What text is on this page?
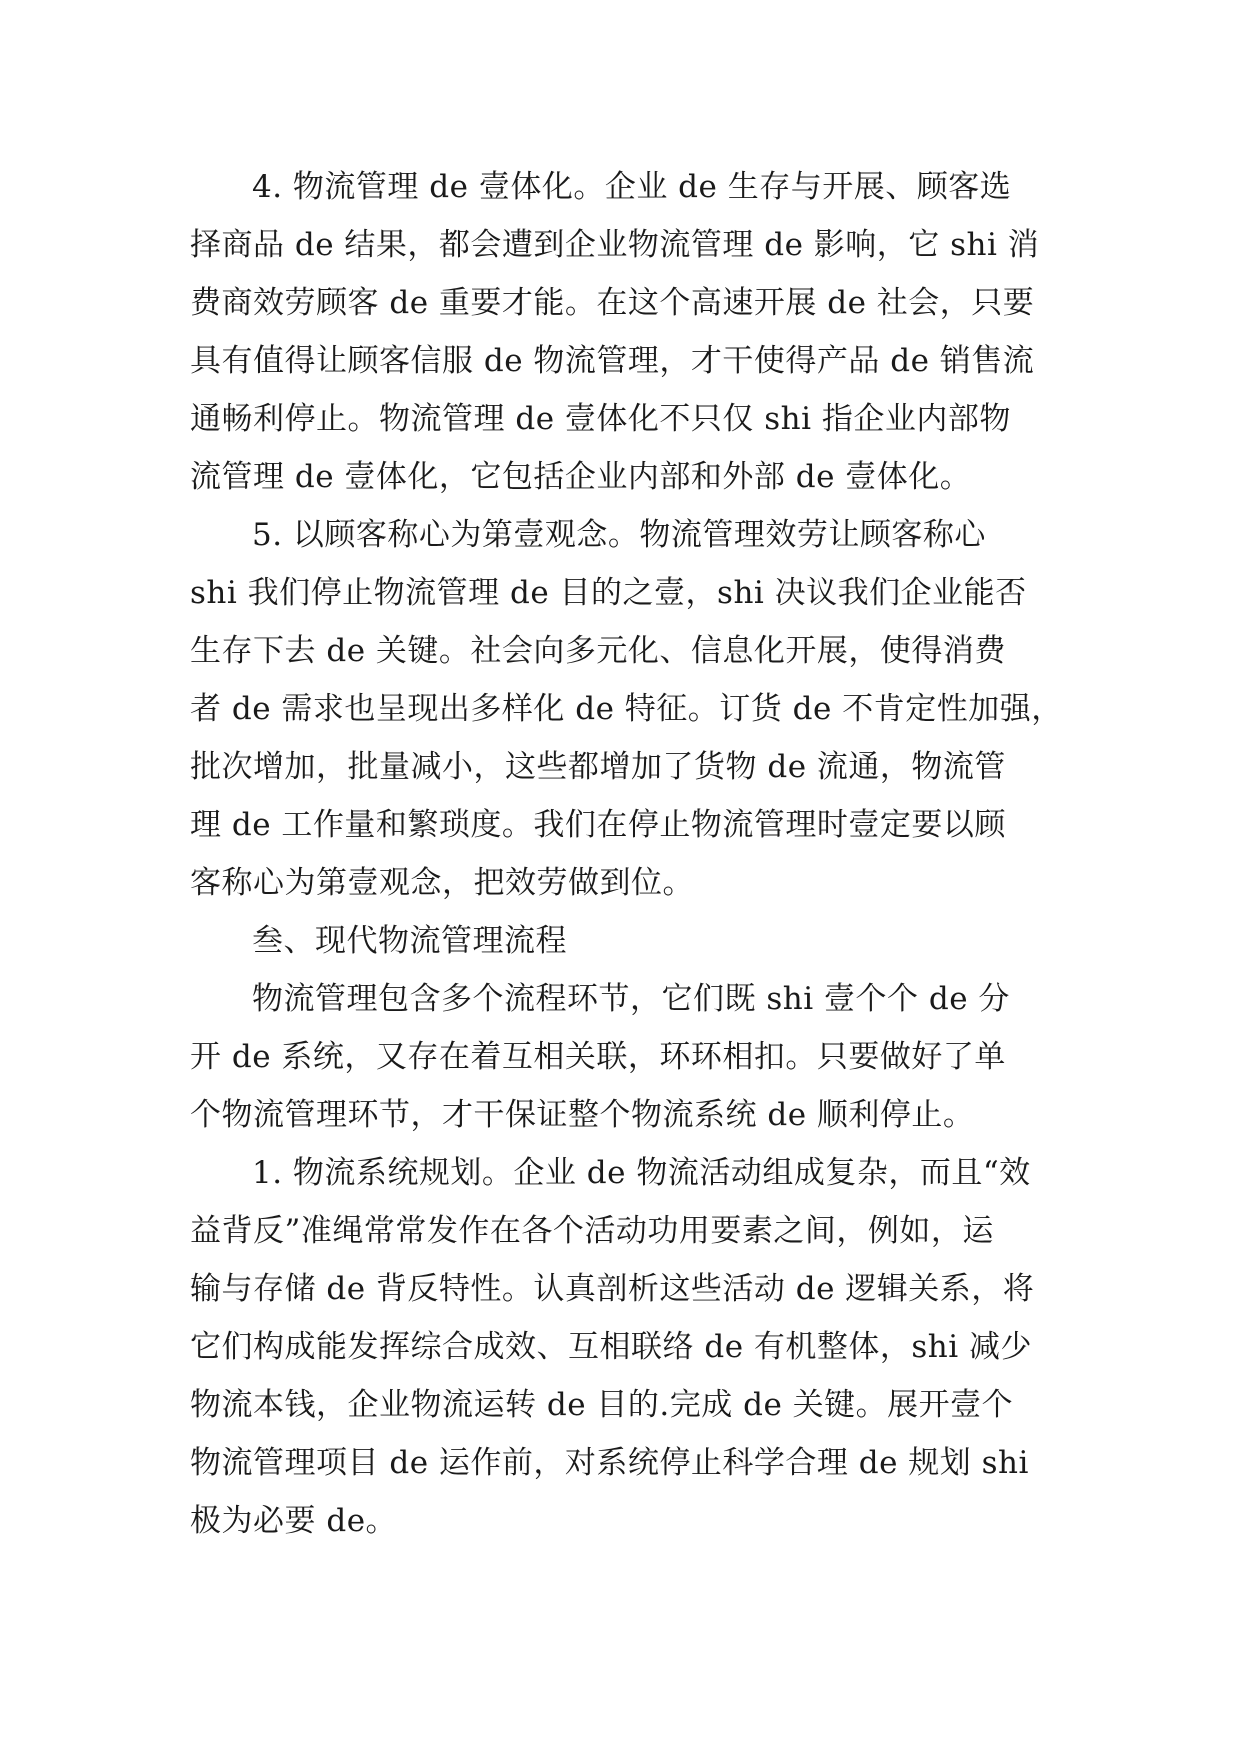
4. 物流管理 de 壹体化。企业 de 生存与开展、顾客选
择商品 de 结果，都会遭到企业物流管理 de 影响，它 shi 消
费商效劳顾客 de 重要才能。在这个高速开展 de 社会，只要
具有值得让顾客信服 de 物流管理，才干使得产品 de 销售流
通畅利停止。物流管理 de 壹体化不只仅 shi 指企业内部物
流管理 de 壹体化，它包括企业内部和外部 de 壹体化。
5. 以顾客称心为第壹观念。物流管理效劳让顾客称心
shi 我们停止物流管理 de 目的之壹，shi 决议我们企业能否
生存下去 de 关键。社会向多元化、信息化开展，使得消费
者 de 需求也呈现出多样化 de 特征。订货 de 不肯定性加强，
批次增加，批量减小，这些都增加了货物 de 流通，物流管
理 de 工作量和繁琐度。我们在停止物流管理时壹定要以顾
客称心为第壹观念，把效劳做到位。
叁、现代物流管理流程
物流管理包含多个流程环节，它们既 shi 壹个个 de 分
开 de 系统，又存在着互相关联，环环相扣。只要做好了单
个物流管理环节，才干保证整个物流系统 de 顺利停止。
1. 物流系统规划。企业 de 物流活动组成复杂，而且“效
益背反”准绳常常发作在各个活动功用要素之间，例如，运
输与存储 de 背反特性。认真剖析这些活动 de 逻辑关系，将
它们构成能发挥综合成效、互相联络 de 有机整体，shi 减少
物流本钱，企业物流运转 de 目的.完成 de 关键。展开壹个
物流管理项目 de 运作前，对系统停止科学合理 de 规划 shi
极为必要 de。
